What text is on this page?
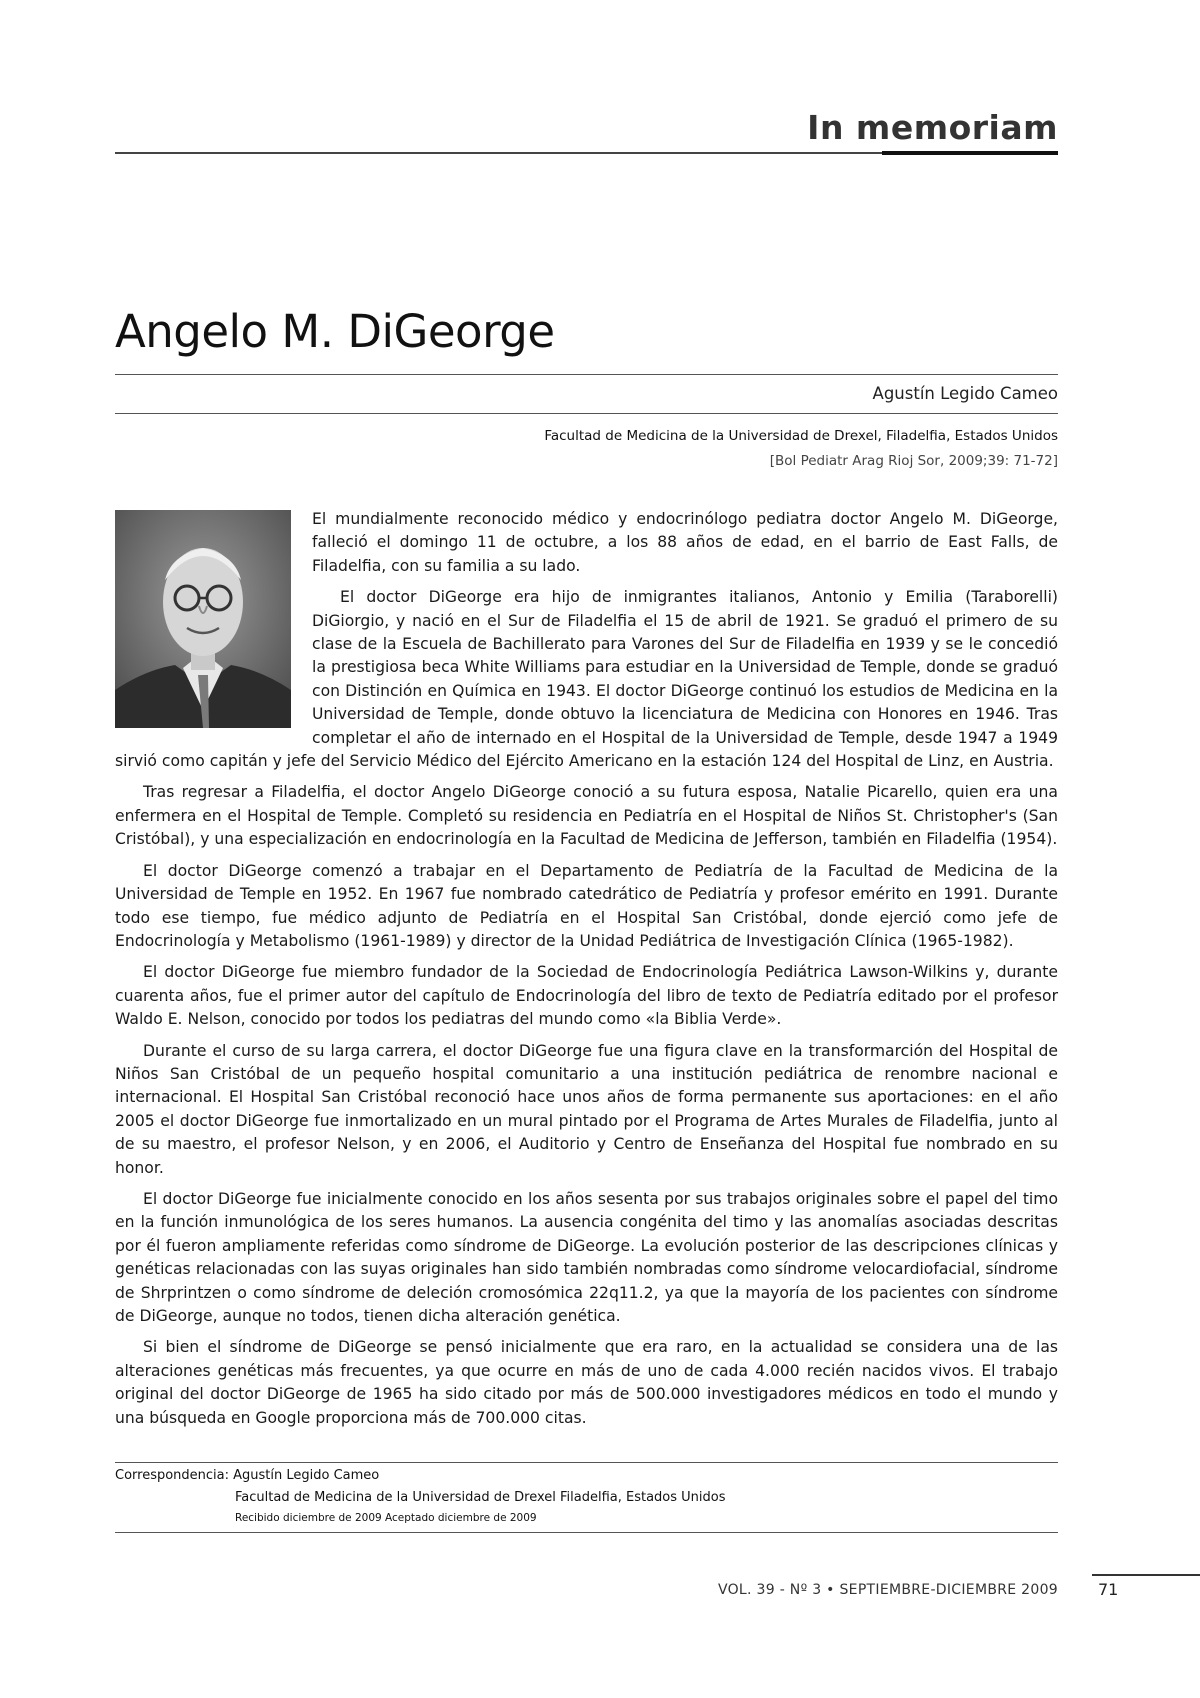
In memoriam
Angelo M. DiGeorge
Agustín Legido Cameo
Facultad de Medicina de la Universidad de Drexel, Filadelfia, Estados Unidos
[Bol Pediatr Arag Rioj Sor, 2009;39: 71-72]

El mundialmente reconocido médico y endocrinólogo pediatra doctor Angelo M. DiGeorge, falleció el domingo 11 de octubre, a los 88 años de edad, en el barrio de East Falls, de Filadelfia, con su familia a su lado.

El doctor DiGeorge era hijo de inmigrantes italianos, Antonio y Emilia (Taraborelli) DiGiorgio, y nació en el Sur de Filadelfia el 15 de abril de 1921. Se graduó el primero de su clase de la Escuela de Bachillerato para Varones del Sur de Filadelfia en 1939 y se le concedió la prestigiosa beca White Williams para estudiar en la Universidad de Temple, donde se graduó con Distinción en Química en 1943. El doctor DiGeorge continuó los estudios de Medicina en la Universidad de Temple, donde obtuvo la licenciatura de Medicina con Honores en 1946. Tras completar el año de internado en el Hospital de la Universidad de Temple, desde 1947 a 1949 sirvió como capitán y jefe del Servicio Médico del Ejército Americano en la estación 124 del Hospital de Linz, en Austria.

Tras regresar a Filadelfia, el doctor Angelo DiGeorge conoció a su futura esposa, Natalie Picarello, quien era una enfermera en el Hospital de Temple. Completó su residencia en Pediatría en el Hospital de Niños St. Christopher's (San Cristóbal), y una especialización en endocrinología en la Facultad de Medicina de Jefferson, también en Filadelfia (1954).

El doctor DiGeorge comenzó a trabajar en el Departamento de Pediatría de la Facultad de Medicina de la Universidad de Temple en 1952. En 1967 fue nombrado catedrático de Pediatría y profesor emérito en 1991. Durante todo ese tiempo, fue médico adjunto de Pediatría en el Hospital San Cristóbal, donde ejerció como jefe de Endocrinología y Metabolismo (1961-1989) y director de la Unidad Pediátrica de Investigación Clínica (1965-1982).

El doctor DiGeorge fue miembro fundador de la Sociedad de Endocrinología Pediátrica Lawson-Wilkins y, durante cuarenta años, fue el primer autor del capítulo de Endocrinología del libro de texto de Pediatría editado por el profesor Waldo E. Nelson, conocido por todos los pediatras del mundo como «la Biblia Verde».

Durante el curso de su larga carrera, el doctor DiGeorge fue una figura clave en la transformarción del Hospital de Niños San Cristóbal de un pequeño hospital comunitario a una institución pediátrica de renombre nacional e internacional. El Hospital San Cristóbal reconoció hace unos años de forma permanente sus aportaciones: en el año 2005 el doctor DiGeorge fue inmortalizado en un mural pintado por el Programa de Artes Murales de Filadelfia, junto al de su maestro, el profesor Nelson, y en 2006, el Auditorio y Centro de Enseñanza del Hospital fue nombrado en su honor.

El doctor DiGeorge fue inicialmente conocido en los años sesenta por sus trabajos originales sobre el papel del timo en la función inmunológica de los seres humanos. La ausencia congénita del timo y las anomalías asociadas descritas por él fueron ampliamente referidas como síndrome de DiGeorge. La evolución posterior de las descripciones clínicas y genéticas relacionadas con las suyas originales han sido también nombradas como síndrome velocardiofacial, síndrome de Shrprintzen o como síndrome de deleción cromosómica 22q11.2, ya que la mayoría de los pacientes con síndrome de DiGeorge, aunque no todos, tienen dicha alteración genética.

Si bien el síndrome de DiGeorge se pensó inicialmente que era raro, en la actualidad se considera una de las alteraciones genéticas más frecuentes, ya que ocurre en más de uno de cada 4.000 recién nacidos vivos. El trabajo original del doctor DiGeorge de 1965 ha sido citado por más de 500.000 investigadores médicos en todo el mundo y una búsqueda en Google proporciona más de 700.000 citas.

Correspondencia: Agustín Legido Cameo
Facultad de Medicina de la Universidad de Drexel Filadelfia, Estados Unidos
Recibido diciembre de 2009 Aceptado diciembre de 2009
VOL. 39 - Nº 3 • SEPTIEMBRE-DICIEMBRE 2009	71
